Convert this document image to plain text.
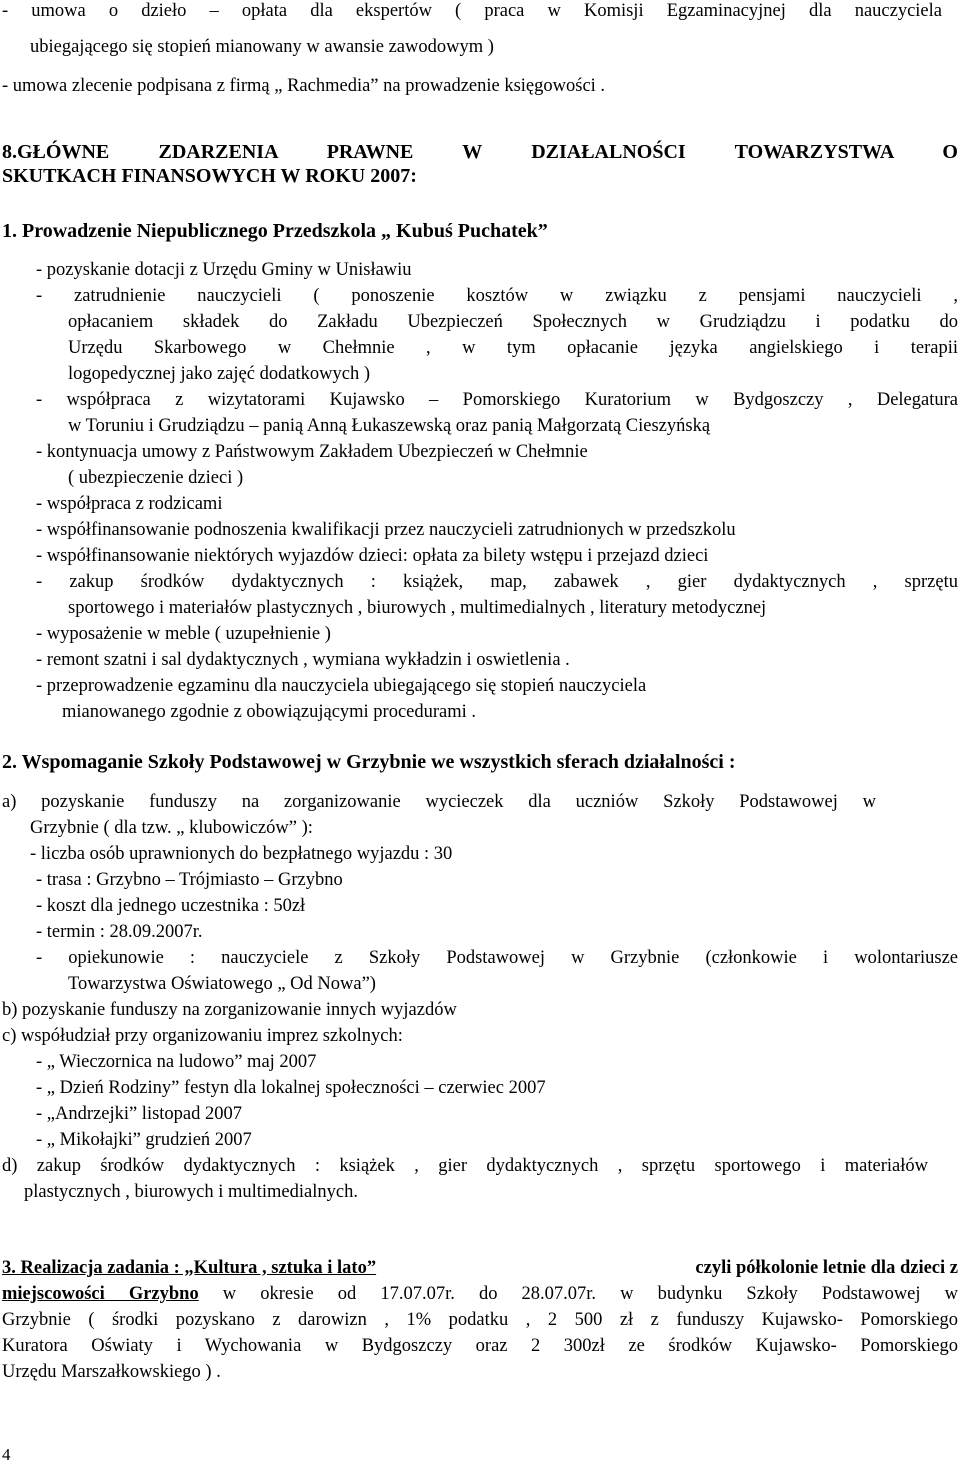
- umowa o dzieło – opłata dla ekspertów ( praca w Komisji Egzaminacyjnej dla nauczyciela
ubiegającego się stopień mianowany w awansie zawodowym )
- umowa zlecenie podpisana z firmą „ Rachmedia” na prowadzenie księgowości .
8.GŁÓWNE ZDARZENIA PRAWNE W DZIAŁALNOŚCI TOWARZYSTWA O
SKUTKACH FINANSOWYCH W ROKU 2007:
1. Prowadzenie Niepublicznego Przedszkola „ Kubuś Puchatek”
- pozyskanie dotacji z Urzędu Gminy w Unisławiu
- zatrudnienie nauczycieli ( ponoszenie kosztów w związku z pensjami nauczycieli ,
opłacaniem składek do Zakładu Ubezpieczeń Społecznych w Grudziądzu i podatku do
Urzędu Skarbowego w Chełmnie , w tym opłacanie języka angielskiego i terapii
logopedycznej jako zajęć dodatkowych )
- współpraca z wizytatorami Kujawsko – Pomorskiego Kuratorium w Bydgoszczy , Delegatura
w Toruniu i Grudziądzu – panią Anną Łukaszewską oraz panią Małgorzatą Cieszyńską
- kontynuacja umowy z Państwowym Zakładem Ubezpieczeń w Chełmnie
( ubezpieczenie dzieci )
- współpraca z rodzicami
- współfinansowanie podnoszenia kwalifikacji przez nauczycieli zatrudnionych w przedszkolu
- współfinansowanie niektórych wyjazdów dzieci: opłata za bilety wstępu i przejazd dzieci
- zakup środków dydaktycznych : książek, map, zabawek , gier dydaktycznych , sprzętu
sportowego i materiałów plastycznych , biurowych , multimedialnych , literatury metodycznej
- wyposażenie w meble ( uzupełnienie )
- remont szatni i sal dydaktycznych , wymiana wykładzin i oswietlenia .
- przeprowadzenie egzaminu dla nauczyciela ubiegającego się stopień nauczyciela
mianowanego zgodnie z obowiązującymi procedurami .
2. Wspomaganie Szkoły Podstawowej w Grzybnie we wszystkich sferach działalności :
a) pozyskanie funduszy na zorganizowanie wycieczek dla uczniów Szkoły Podstawowej w
Grzybnie ( dla tzw. „ klubowiczów” ):
- liczba osób uprawnionych do bezpłatnego wyjazdu : 30
- trasa : Grzybno – Trójmiasto – Grzybno
- koszt dla jednego uczestnika : 50zł
- termin : 28.09.2007r.
- opiekunowie : nauczyciele z Szkoły Podstawowej w Grzybnie (członkowie i wolontariusze
Towarzystwa Oświatowego „ Od Nowa”)
b) pozyskanie funduszy na zorganizowanie innych wyjazdów
c) współudział przy organizowaniu imprez szkolnych:
- „ Wieczornica na ludowo” maj 2007
- „ Dzień Rodziny” festyn dla lokalnej społeczności – czerwiec 2007
- „Andrzejki” listopad 2007
- „ Mikołajki” grudzień 2007
d) zakup środków dydaktycznych : książek , gier dydaktycznych , sprzętu sportowego i materiałów
plastycznych , biurowych i multimedialnych.
3. Realizacja zadania : „Kultura , sztuka i lato”	czyli półkolonie letnie dla dzieci z
miejscowości Grzybno w okresie od 17.07.07r. do 28.07.07r. w budynku Szkoły Podstawowej w
Grzybnie ( środki pozyskano z darowizn , 1% podatku , 2 500 zł z funduszy Kujawsko- Pomorskiego
Kuratora Oświaty i Wychowania w Bydgoszczy oraz 2 300zł ze środków Kujawsko- Pomorskiego
Urzędu Marszałkowskiego ) .
4
